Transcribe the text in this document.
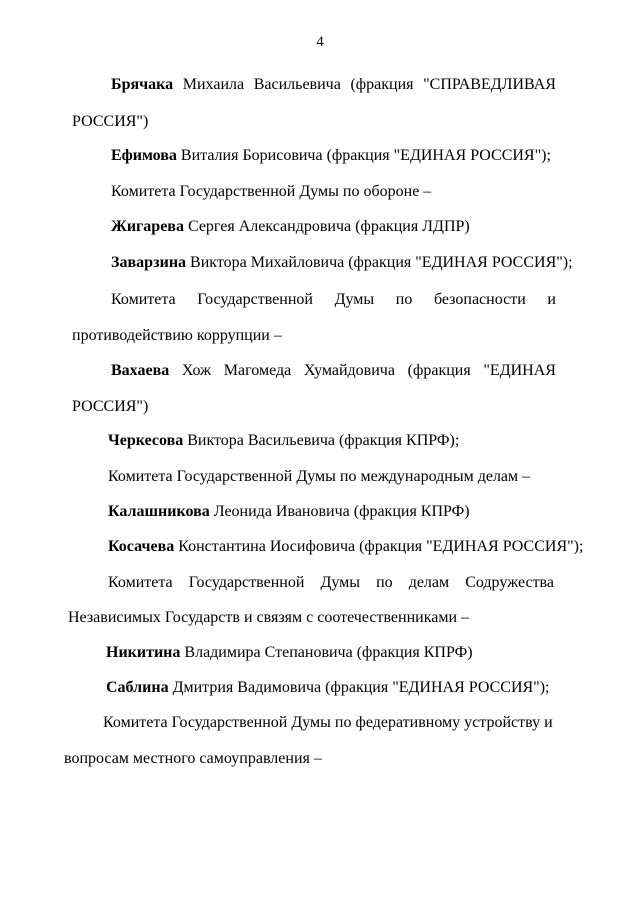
4
Брячака Михаила Васильевича (фракция "СПРАВЕДЛИВАЯ
РОССИЯ")
Ефимова Виталия Борисовича (фракция "ЕДИНАЯ РОССИЯ");
Комитета Государственной Думы по обороне –
Жигарева Сергея Александровича (фракция ЛДПР)
Заварзина Виктора Михайловича (фракция "ЕДИНАЯ РОССИЯ");
Комитета Государственной Думы по безопасности и
противодействию коррупции –
Вахаева Хож Магомеда Хумайдовича (фракция "ЕДИНАЯ
РОССИЯ")
Черкесова Виктора Васильевича (фракция КПРФ);
Комитета Государственной Думы по международным делам –
Калашникова Леонида Ивановича (фракция КПРФ)
Косачева Константина Иосифовича (фракция "ЕДИНАЯ РОССИЯ");
Комитета Государственной Думы по делам Содружества
Независимых Государств и связям с соотечественниками –
Никитина Владимира Степановича (фракция КПРФ)
Саблина Дмитрия Вадимовича (фракция "ЕДИНАЯ РОССИЯ");
Комитета Государственной Думы по федеративному устройству и
вопросам местного самоуправления –
